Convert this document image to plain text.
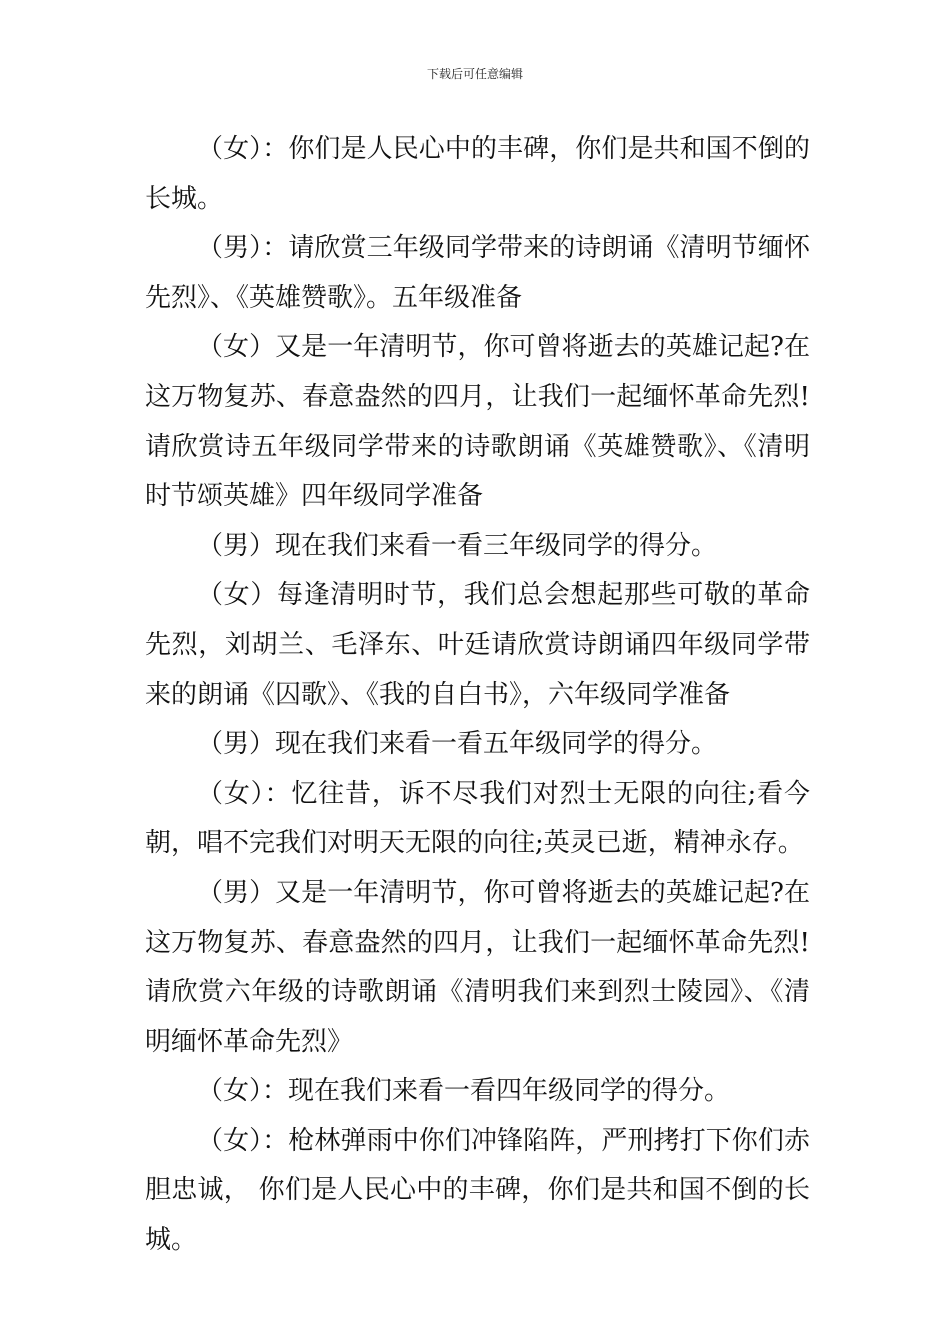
下载后可任意编辑

（女）：你们是人民心中的丰碑，你们是共和国不倒的长城。

（男）：请欣赏三年级同学带来的诗朗诵《清明节缅怀先烈》、《英雄赞歌》。五年级准备

（女）又是一年清明节，你可曾将逝去的英雄记起?在这万物复苏、春意盎然的四月，让我们一起缅怀革命先烈!请欣赏诗五年级同学带来的诗歌朗诵《英雄赞歌》、《清明时节颂英雄》四年级同学准备

（男）现在我们来看一看三年级同学的得分。

（女）每逢清明时节，我们总会想起那些可敬的革命先烈，刘胡兰、毛泽东、叶廷请欣赏诗朗诵四年级同学带来的朗诵《囚歌》、《我的自白书》，六年级同学准备

（男）现在我们来看一看五年级同学的得分。

（女）：忆往昔，诉不尽我们对烈士无限的向往;看今朝，唱不完我们对明天无限的向往;英灵已逝，精神永存。

（男）又是一年清明节，你可曾将逝去的英雄记起?在这万物复苏、春意盎然的四月，让我们一起缅怀革命先烈!请欣赏六年级的诗歌朗诵《清明我们来到烈士陵园》、《清明缅怀革命先烈》

（女）：现在我们来看一看四年级同学的得分。

（女）：枪林弹雨中你们冲锋陷阵，严刑拷打下你们赤胆忠诚， 你们是人民心中的丰碑，你们是共和国不倒的长城。
